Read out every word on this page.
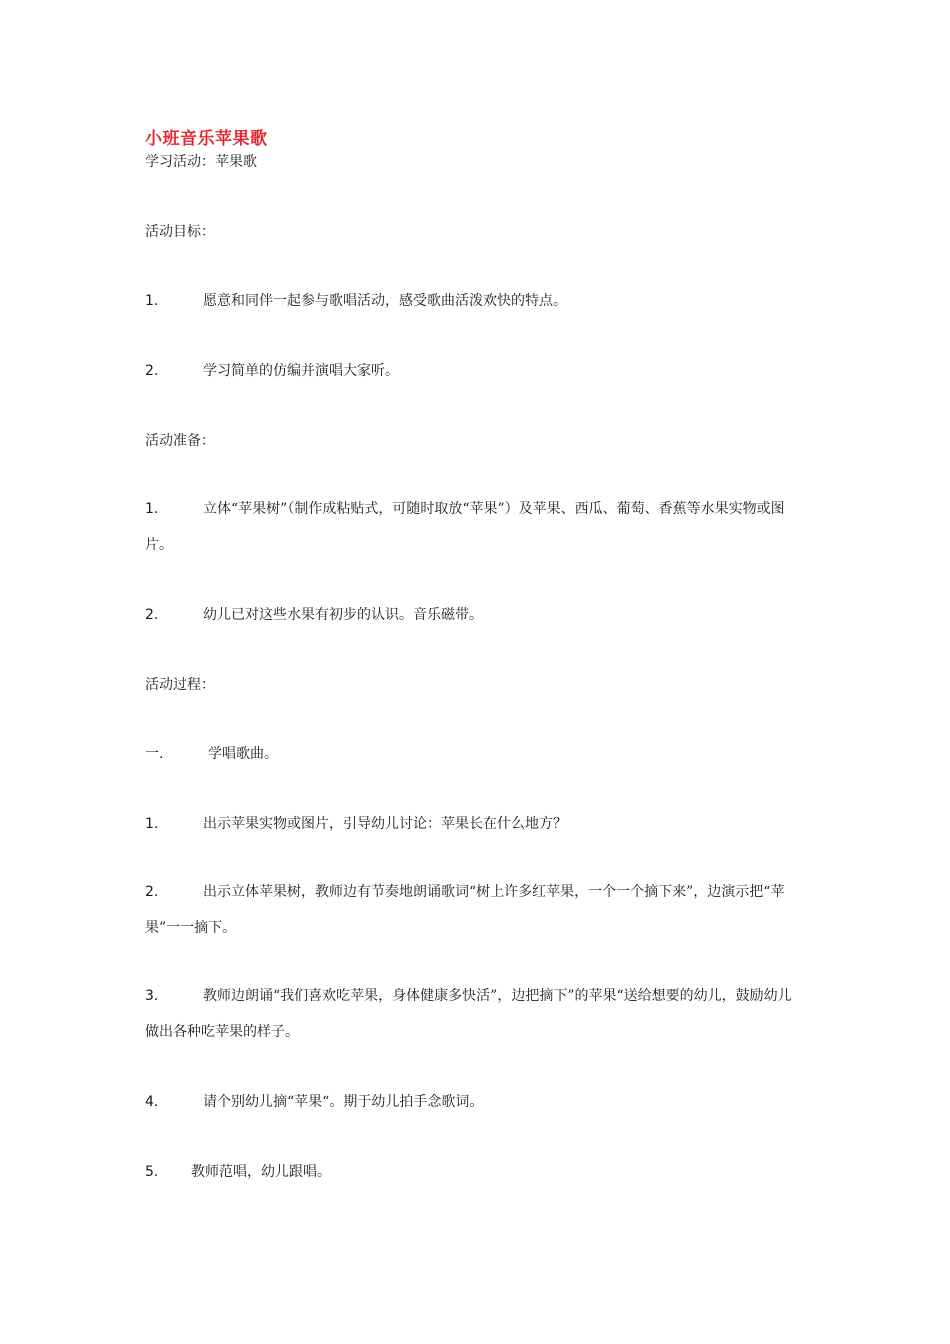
小班音乐苹果歌
学习活动：苹果歌
活动目标：
1.	愿意和同伴一起参与歌唱活动，感受歌曲活泼欢快的特点。
2.	学习简单的仿编并演唱大家听。
活动准备：
1.	立体“苹果树”（制作成粘贴式，可随时取放“苹果”）及苹果、西瓜、葡萄、香蕉等水果实物或图片。
2.	幼儿已对这些水果有初步的认识。音乐磁带。
活动过程：
一.	学唱歌曲。
1.	出示苹果实物或图片，引导幼儿讨论：苹果长在什么地方？
2.	出示立体苹果树，教师边有节奏地朗诵歌词“树上许多红苹果，一个一个摘下来”，边演示把“苹果”一一摘下。
3.	教师边朗诵“我们喜欢吃苹果，身体健康多快活”，边把摘下”的苹果“送给想要的幼儿，鼓励幼儿做出各种吃苹果的样子。
4.	请个别幼儿摘“苹果“。期于幼儿拍手念歌词。
5. 教师范唱，幼儿跟唱。
